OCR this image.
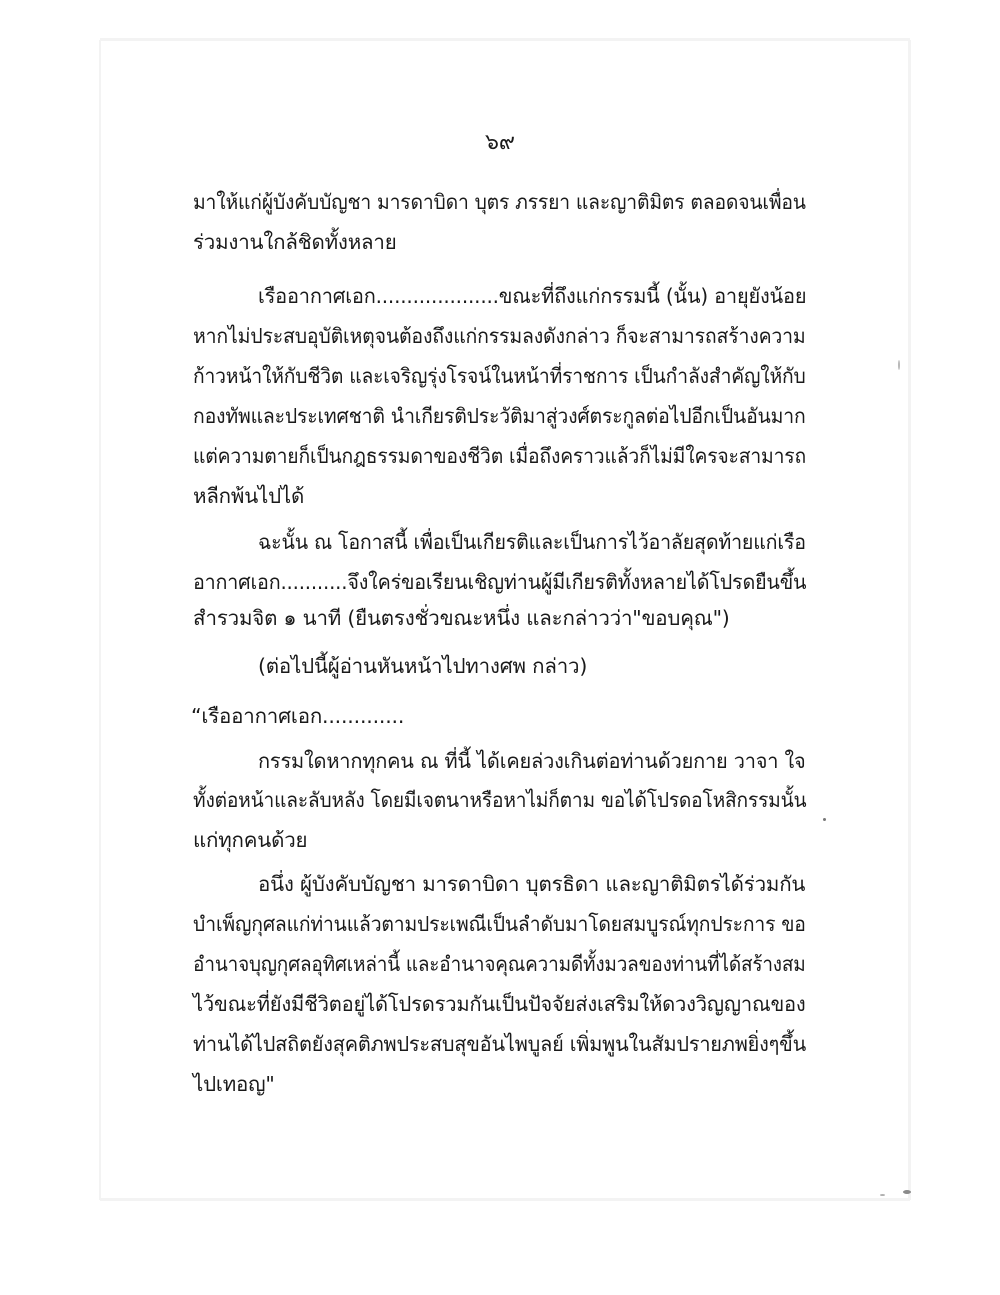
๖๙
มาให้แก่ผู้บังคับบัญชา มารดาบิดา บุตร ภรรยา และญาติมิตร ตลอดจนเพื่อน
ร่วมงานใกล้ชิดทั้งหลาย
เรืออากาศเอก....................ขณะที่ถึงแก่กรรมนี้ (นั้น) อายุยังน้อย
หากไม่ประสบอุบัติเหตุจนต้องถึงแก่กรรมลงดังกล่าว ก็จะสามารถสร้างความ
ก้าวหน้าให้กับชีวิต และเจริญรุ่งโรจน์ในหน้าที่ราชการ เป็นกำลังสำคัญให้กับ
กองทัพและประเทศชาติ นำเกียรติประวัติมาสู่วงศ์ตระกูลต่อไปอีกเป็นอันมาก
แต่ความตายก็เป็นกฎธรรมดาของชีวิต เมื่อถึงคราวแล้วก็ไม่มีใครจะสามารถ
หลีกพ้นไปได้
ฉะนั้น ณ โอกาสนี้ เพื่อเป็นเกียรติและเป็นการไว้อาลัยสุดท้ายแก่เรือ
อากาศเอก...........จึงใคร่ขอเรียนเชิญท่านผู้มีเกียรติทั้งหลายได้โปรดยืนขึ้น
สำรวมจิต ๑ นาที (ยืนตรงชั่วขณะหนึ่ง และกล่าวว่า"ขอบคุณ")
(ต่อไปนี้ผู้อ่านหันหน้าไปทางศพ กล่าว)
“เรืออากาศเอก.............
กรรมใดหากทุกคน ณ ที่นี้ ได้เคยล่วงเกินต่อท่านด้วยกาย วาจา ใจ
ทั้งต่อหน้าและลับหลัง โดยมีเจตนาหรือหาไม่ก็ตาม ขอได้โปรดอโหสิกรรมนั้น
แก่ทุกคนด้วย
อนึ่ง ผู้บังคับบัญชา มารดาบิดา บุตรธิดา และญาติมิตรได้ร่วมกัน
บำเพ็ญกุศลแก่ท่านแล้วตามประเพณีเป็นลำดับมาโดยสมบูรณ์ทุกประการ ขอ
อำนาจบุญกุศลอุทิศเหล่านี้ และอำนาจคุณความดีทั้งมวลของท่านที่ได้สร้างสม
ไว้ขณะที่ยังมีชีวิตอยู่ได้โปรดรวมกันเป็นปัจจัยส่งเสริมให้ดวงวิญญาณของ
ท่านได้ไปสถิตยังสุคติภพประสบสุขอันไพบูลย์ เพิ่มพูนในสัมปรายภพยิ่งๆขึ้น
ไปเทอญ"
